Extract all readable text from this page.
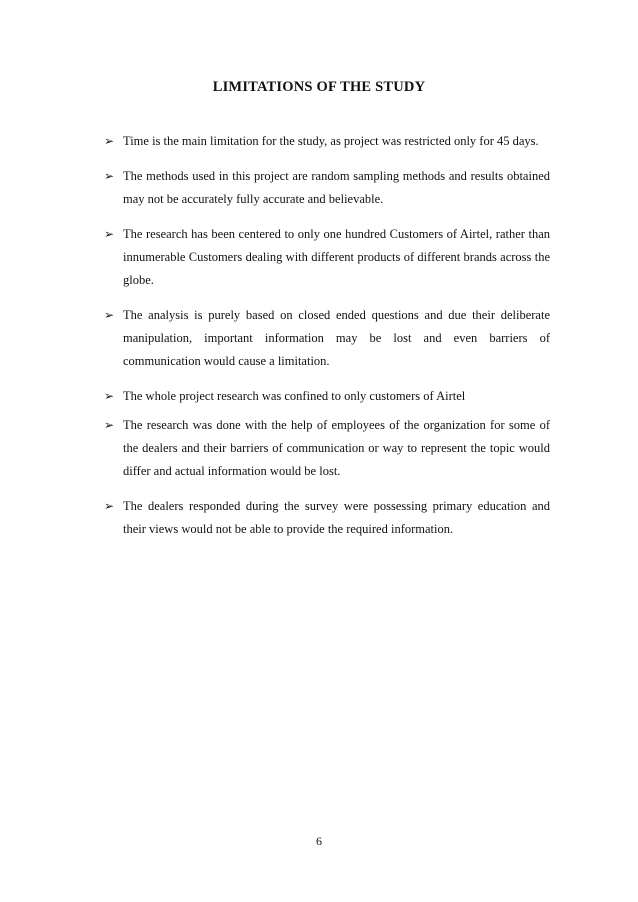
LIMITATIONS OF THE STUDY
➢ Time is the main limitation for the study, as project was restricted only for 45 days.
➢ The methods used in this project are random sampling methods and results obtained may not be accurately fully accurate and believable.
➢ The research has been centered to only one hundred Customers of Airtel, rather than innumerable Customers dealing with different products of different brands across the globe.
➢ The analysis is purely based on closed ended questions and due their deliberate manipulation, important information may be lost and even barriers of communication would cause a limitation.
➢ The whole project research was confined to only customers of Airtel
➢ The research was done with the help of employees of the organization for some of the dealers and their barriers of communication or way to represent the topic would differ and actual information would be lost.
➢ The dealers responded during the survey were possessing primary education and their views would not be able to provide the required information.
6
